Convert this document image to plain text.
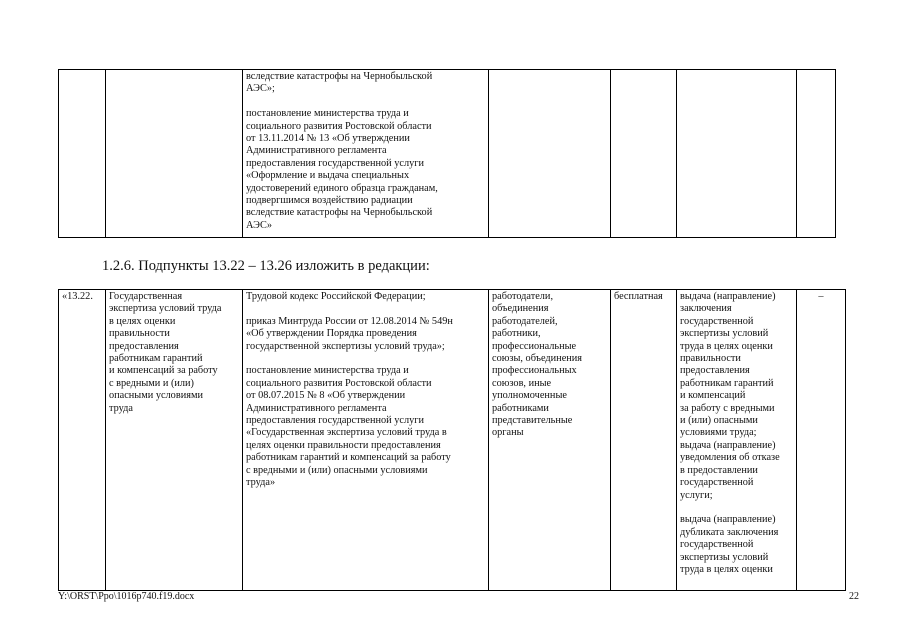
		вследствие катастрофы на Чернобыльской
АЭС»;

постановление министерства труда и
социального развития Ростовской области
от 13.11.2014 № 13 «Об утверждении
Административного регламента
предоставления государственной услуги
«Оформление и выдача специальных
удостоверений единого образца гражданам,
подвергшимся воздействию радиации
вследствие катастрофы на Чернобыльской
АЭС»				
1.2.6. Подпункты 13.22 – 13.26 изложить в редакции:
«13.22.	Государственная
экспертиза условий труда
в целях оценки
правильности
предоставления
работникам гарантий
и компенсаций за работу
с вредными и (или)
опасными условиями
труда	Трудовой кодекс Российской Федерации;

приказ Минтруда России от 12.08.2014 № 549н
«Об утверждении Порядка проведения
государственной экспертизы условий труда»;

постановление министерства труда и
социального развития Ростовской области
от 08.07.2015 № 8 «Об утверждении
Административного регламента
предоставления государственной услуги
«Государственная экспертиза условий труда в
целях оценки правильности предоставления
работникам гарантий и компенсаций за работу
с вредными и (или) опасными условиями
труда»	работодатели,
объединения
работодателей,
работники,
профессиональные
союзы, объединения
профессиональных
союзов, иные
уполномоченные
работниками
представительные
органы	бесплатная	выдача (направление)
заключения
государственной
экспертизы условий
труда в целях оценки
правильности
предоставления
работникам гарантий
и компенсаций
за работу с вредными
и (или) опасными
условиями труда;
выдача (направление)
уведомления об отказе
в предоставлении
государственной
услуги;

выдача (направление)
дубликата заключения
государственной
экспертизы условий
труда в целях оценки	–
Y:\ORST\Ppo\1016p740.f19.docx	22
